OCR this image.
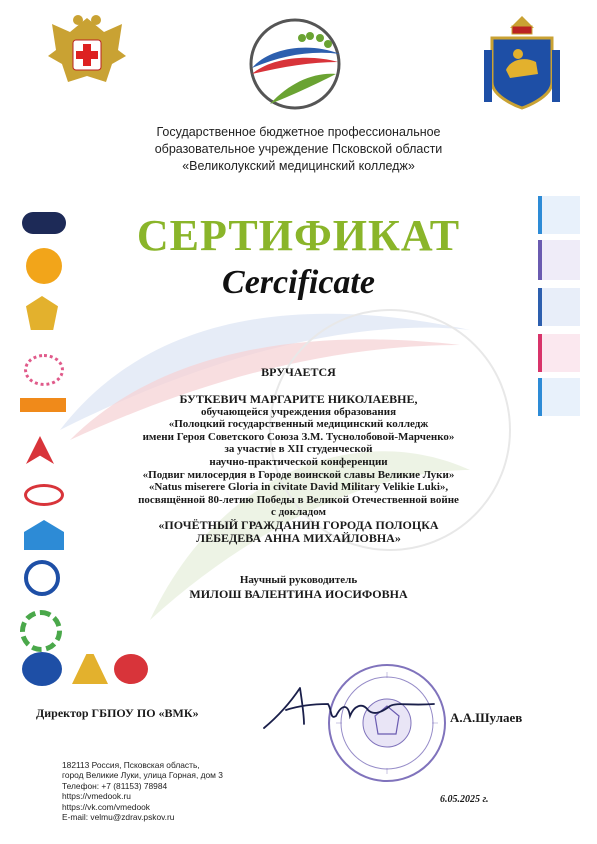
Государственное бюджетное профессиональное
образовательное учреждение Псковской области
«Великолукский медицинский колледж»
СЕРТИФИКАТ
Cercificate
ВРУЧАЕТСЯ
БУТКЕВИЧ МАРГАРИТЕ НИКОЛАЕВНЕ,
обучающейся учреждения образования
«Полоцкий государственный медицинский колледж
имени Героя Советского Союза З.М. Туснолобовой-Марченко»
за участие в XII студенческой
научно-практической конференции
«Подвиг милосердия в Городе воинской славы Великие Луки»
«Natus miserere Gloria in civitate David Military Velikie Luki»,
посвящённой 80-летию Победы в Великой Отечественной войне
с докладом
«ПОЧЁТНЫЙ ГРАЖДАНИН ГОРОДА ПОЛОЦКА
ЛЕБЕДЕВА АННА МИХАЙЛОВНА»
Научный руководитель
МИЛОШ ВАЛЕНТИНА ИОСИФОВНА
Директор ГБПОУ ПО «ВМК»	А.А.Шулаев
6.05.2025 г.
182113 Россия, Псковская область,
город Великие Луки, улица Горная, дом 3
Телефон: +7 (81153) 78984
https://vmedook.ru
https://vk.com/vmedook
E-mail: velmu@zdrav.pskov.ru
